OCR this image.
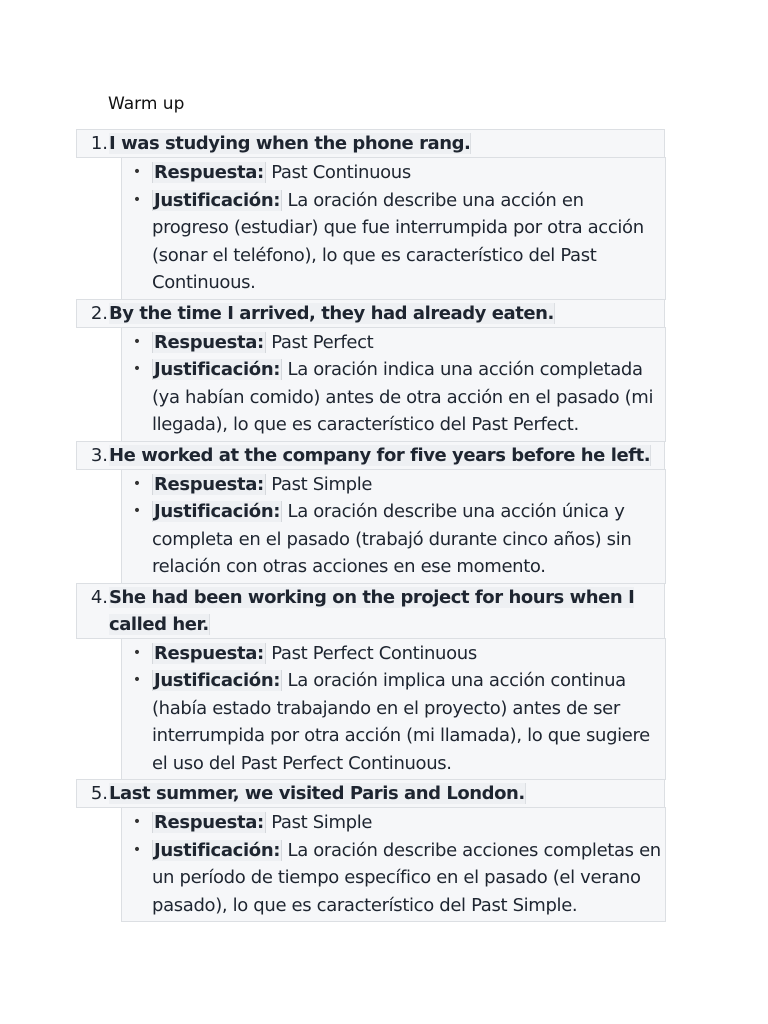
Warm up
1. I was studying when the phone rang.
• Respuesta: Past Continuous
• Justificación: La oración describe una acción en progreso (estudiar) que fue interrumpida por otra acción (sonar el teléfono), lo que es característico del Past Continuous.
2. By the time I arrived, they had already eaten.
• Respuesta: Past Perfect
• Justificación: La oración indica una acción completada (ya habían comido) antes de otra acción en el pasado (mi llegada), lo que es característico del Past Perfect.
3. He worked at the company for five years before he left.
• Respuesta: Past Simple
• Justificación: La oración describe una acción única y completa en el pasado (trabajó durante cinco años) sin relación con otras acciones en ese momento.
4. She had been working on the project for hours when I called her.
• Respuesta: Past Perfect Continuous
• Justificación: La oración implica una acción continua (había estado trabajando en el proyecto) antes de ser interrumpida por otra acción (mi llamada), lo que sugiere el uso del Past Perfect Continuous.
5. Last summer, we visited Paris and London.
• Respuesta: Past Simple
• Justificación: La oración describe acciones completas en un período de tiempo específico en el pasado (el verano pasado), lo que es característico del Past Simple.
